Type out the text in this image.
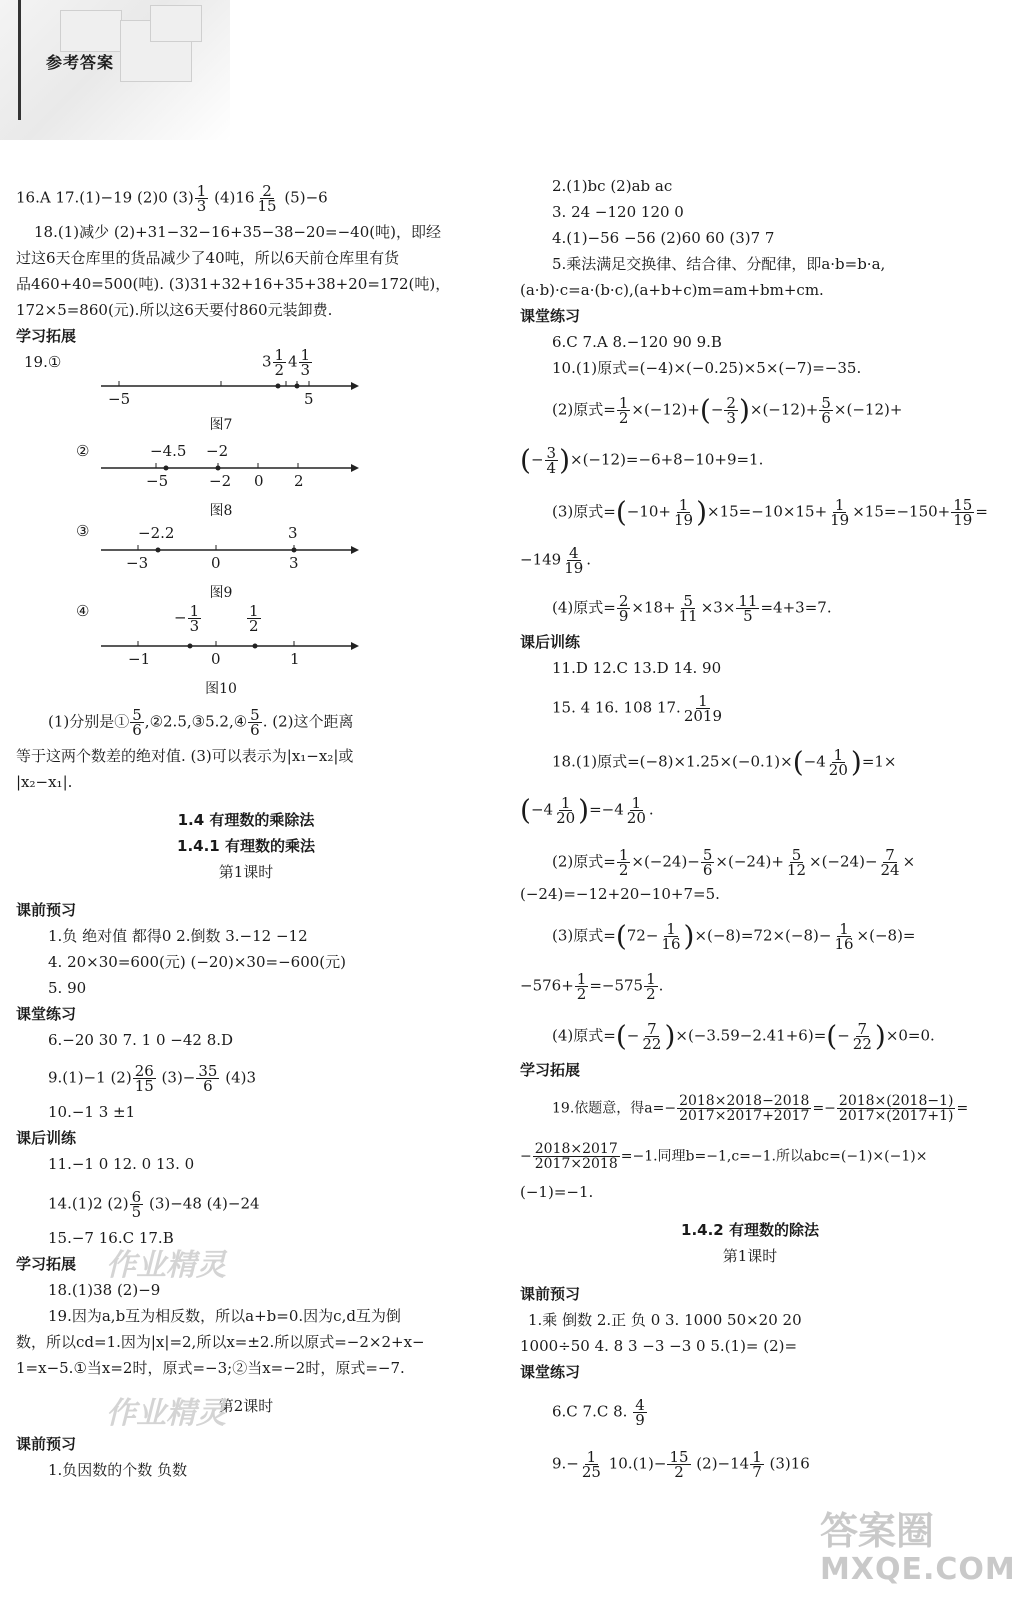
参考答案
16.A 17.(1)−19 (2)0 $(3) \frac{1}{3} (4)16 \frac{2}{15} (5)-6$
18.(1)减少 (2)+31−32−16+35−38−20=−40(吨)，即经
过这6天仓库里的货品减少了40吨，所以6天前仓库里有货
品460+40=500(吨). (3)31+32+16+35+38+20=172(吨)，
172×5=860(元).所以这6天要付860元装卸费.
学习拓展
19.①
−5	5
$3 \frac{1}{2} 4 \frac{1}{3}$
图7
②	−4.5 −2
−5	−2 0 2
图8
③	−2.2	3
−3	0	3
图9
④	− $\frac{1}{3}$	$\frac{1}{2}$
−1	0	1
图10
(1)分别是① $\frac{5}{6}$ ,②2.5,③5.2,④ $\frac{5}{6}$ . (2)这个距离
等于这两个数差的绝对值. (3)可以表示为|x₁−x₂|或
|x₂−x₁|.
1.4 有理数的乘除法
1.4.1 有理数的乘法
第1课时
课前预习
1.负 绝对值 都得0 2.倒数 3.−12 −12
4. 20×30=600(元) (−20)×30=−600(元)
5. 90
课堂练习
6.−20 30 7. 1 0 −42 8.D
9.(1)−1 $(2) \frac{26}{15} (3)- \frac{35}{6} (4)3$
10.−1 3 ±1
课后训练
11.−1 0 12. 0 13. 0
14.(1)2 $(2) \frac{6}{5} (3)-48$ (4)−24
15.−7 16.C 17.B
学习拓展 作业精灵
18.(1)38 (2)−9
19.因为a,b互为相反数，所以a+b=0.因为c,d互为倒
数，所以cd=1.因为|x|=2,所以x=±2.所以原式=−2×2+x−
1=x−5.①当x=2时，原式=−3;②当x=−2时，原式=−7.
第2课时
作业精灵
课前预习
1.负因数的个数 负数
2.(1)bc (2)ab ac
3. 24 −120 120 0
4.(1)−56 −56 (2)60 60 (3)7 7
5.乘法满足交换律、结合律、分配律，即a·b=b·a,
(a·b)·c=a·(b·c),(a+b+c)m=am+bm+cm.
课堂练习
6.C 7.A 8.−120 90 9.B
10.(1)原式=(−4)×(−0.25)×5×(−7)=−35.
(2)原式= $\frac{1}{2} \times(-12)+(- \frac{2}{3} )\times(-12)+ \frac{5}{6} \times(-12)+$
(− $\frac{3}{4} )\times(-12)=-6+8-10+9=1$.
(3)原式$=(-10+ \frac{1}{19} )\times 15=-10\times 15+ \frac{1}{19} \times 15=-150+ \frac{15}{19}$ =
$-149 \frac{4}{19}$ .
(4)原式= $\frac{2}{9} \times 18+ \frac{5}{11} \times 3\times \frac{11}{5} =4+3=7$.
课后训练
11.D 12.C 13.D 14. 90
15. 4 16. 108 17. $\frac{1}{2019}$
18.(1)原式$=(-8)\times 1.25\times(-0.1)\times(-4 \frac{1}{20} )=1\times$
$(-4 \frac{1}{20} )=-4 \frac{1}{20}$ .
(2)原式= $\frac{1}{2} \times(-24)- \frac{5}{6} \times(-24)+ \frac{5}{12} \times(-24)- \frac{7}{24}$ ×
(−24)=−12+20−10+7=5.
(3)原式$=(72- \frac{1}{16} )\times(-8)=72\times(-8)- \frac{1}{16} \times(-8)=$
$-576+ \frac{1}{2} =-575 \frac{1}{2}$ .
(4)原式=(− $\frac{7}{22} )\times(-3.59-2.41+6)=(- \frac{7}{22} )\times 0=0$.
学习拓展
19.依题意，得$a=- \frac{2018\times 2018-2018}{2017\times 2017+2017} =- \frac{2018\times(2018-1)}{2017\times(2017+1)}$ =
− $\frac{2018\times 2017}{2017\times 2018} =-1$.同理b=−1,c=−1.所以abc=(−1)×(−1)×
(−1)=−1.
1.4.2 有理数的除法
第1课时
课前预习
1.乘 倒数 2.正 负 0 3. 1000 50×20 20
1000÷50 4. 8 3 −3 −3 0 5.(1)= (2)=
课堂练习
6.C 7.C 8. $\frac{4}{9}$
$9.- \frac{1}{25} 10.(1)- \frac{15}{2} (2)-14 \frac{1}{7} (3)16$
答案圈
MXQE.COM
